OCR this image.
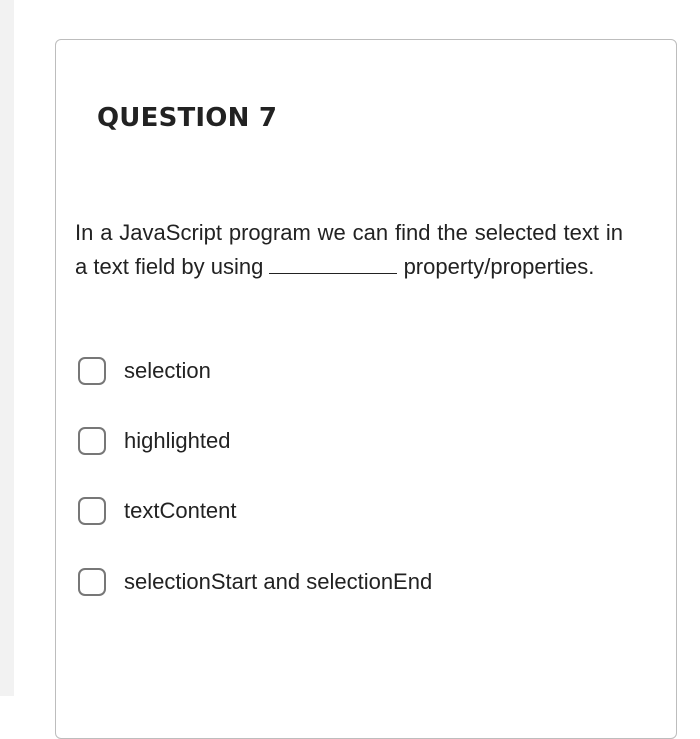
QUESTION 7
In a JavaScript program we can find the selected text in a text field by using	property/properties.
selection
highlighted
textContent
selectionStart and selectionEnd
